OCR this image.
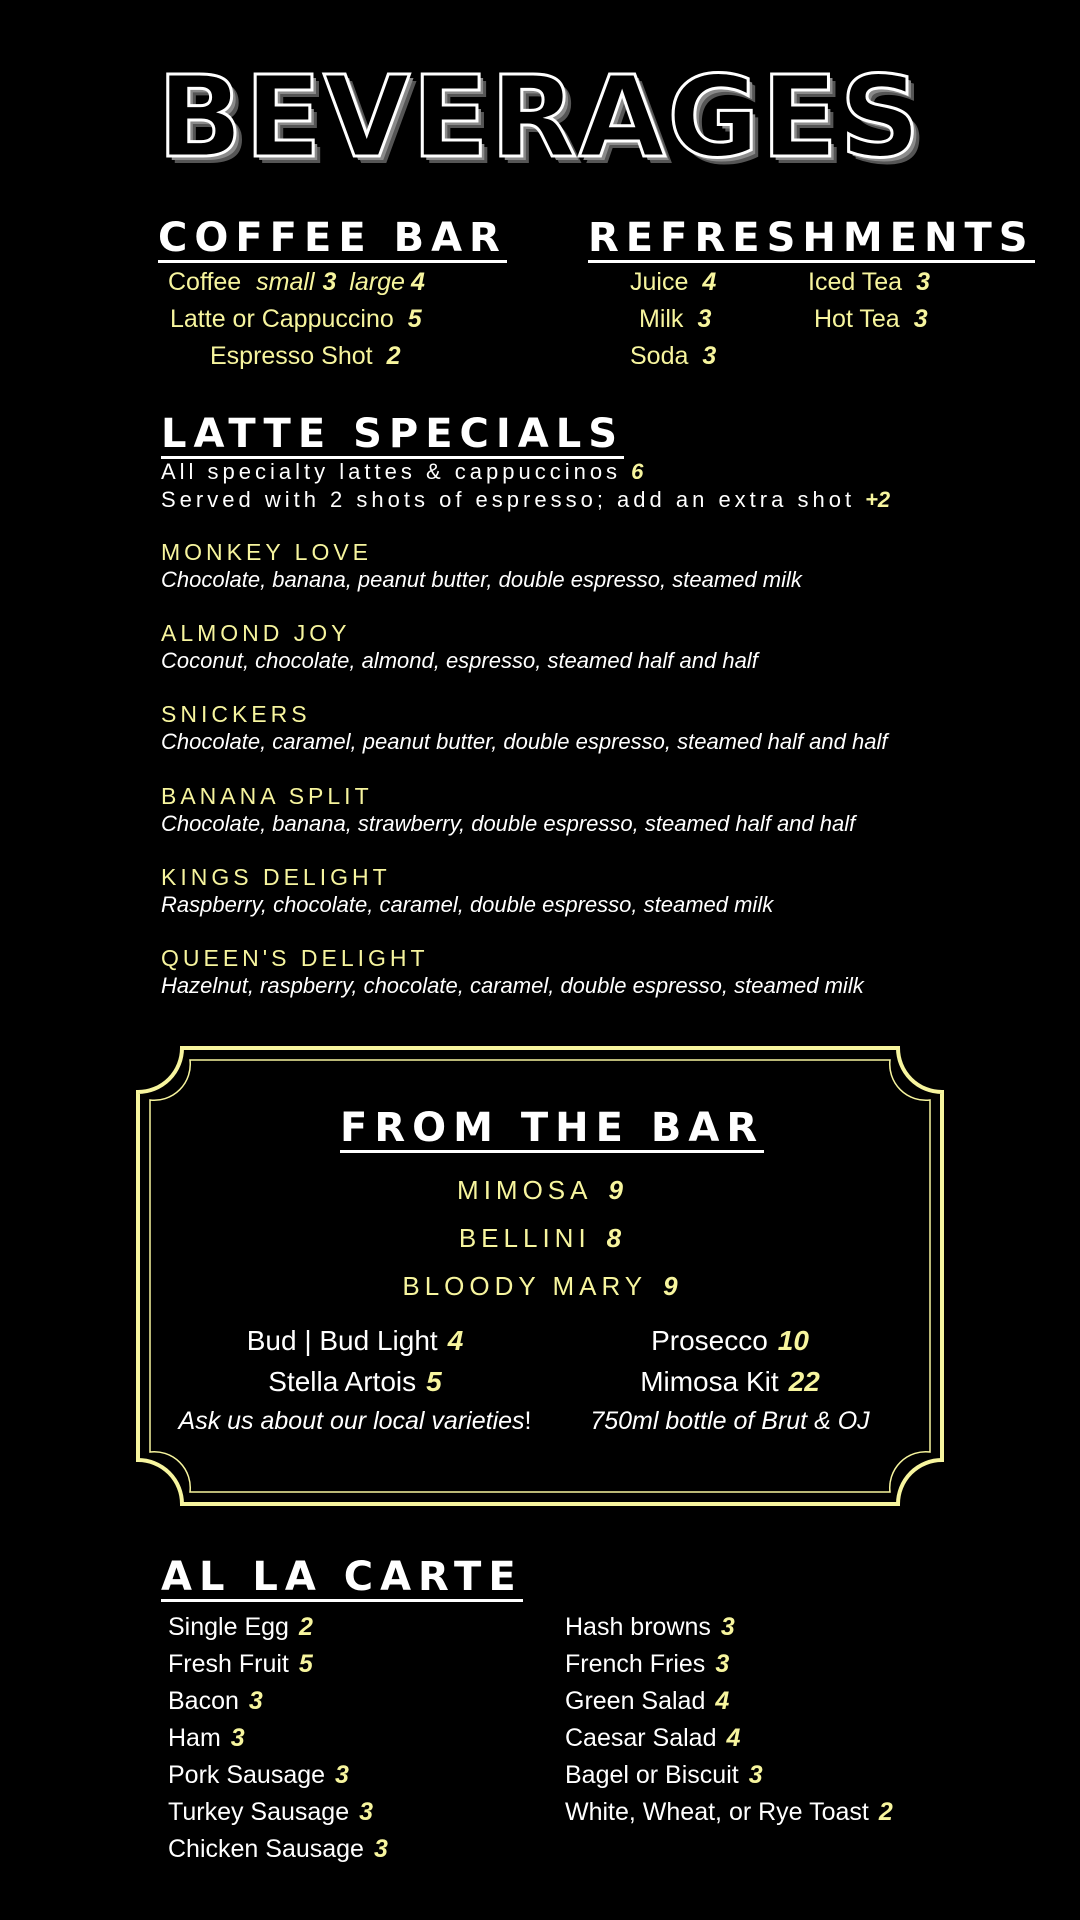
BEVERAGES
COFFEE BAR
Coffee small 3 large 4
Latte or Cappuccino 5
Espresso Shot 2
REFRESHMENTS
Juice 4
Milk 3
Soda 3
Iced Tea 3
Hot Tea 3
LATTE SPECIALS
All specialty lattes & cappuccinos 6
Served with 2 shots of espresso; add an extra shot +2
MONKEY LOVE
Chocolate, banana, peanut butter, double espresso, steamed milk
ALMOND JOY
Coconut, chocolate, almond, espresso, steamed half and half
SNICKERS
Chocolate, caramel, peanut butter, double espresso, steamed half and half
BANANA SPLIT
Chocolate, banana, strawberry, double espresso, steamed half and half
KINGS DELIGHT
Raspberry, chocolate, caramel, double espresso, steamed milk
QUEEN'S DELIGHT
Hazelnut, raspberry, chocolate, caramel, double espresso, steamed milk
FROM THE BAR
MIMOSA 9
BELLINI 8
BLOODY MARY 9
Bud | Bud Light 4
Stella Artois 5
Ask us about our local varieties!
Prosecco 10
Mimosa Kit 22
750ml bottle of Brut & OJ
AL LA CARTE
Single Egg 2
Fresh Fruit 5
Bacon 3
Ham 3
Pork Sausage 3
Turkey Sausage 3
Chicken Sausage 3
Hash browns 3
French Fries 3
Green Salad 4
Caesar Salad 4
Bagel or Biscuit 3
White, Wheat, or Rye Toast 2
